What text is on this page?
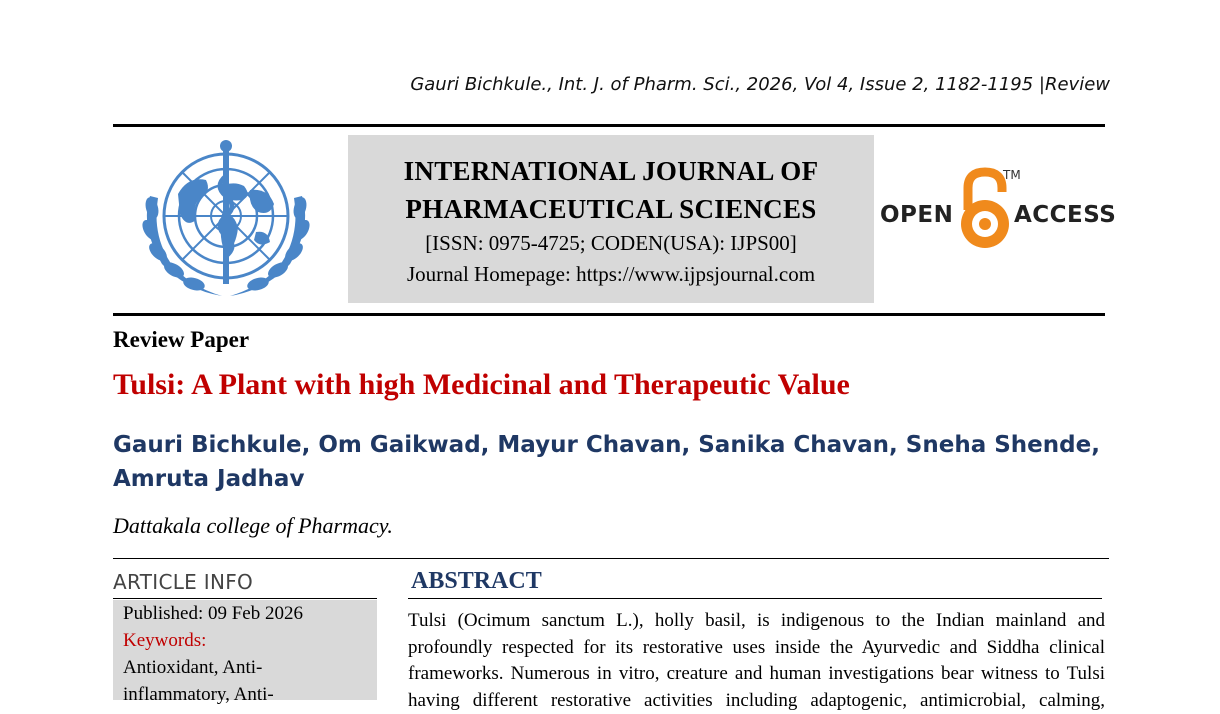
Gauri Bichkule., Int. J. of Pharm. Sci., 2026, Vol 4, Issue 2, 1182-1195 |Review
INTERNATIONAL JOURNAL OF
PHARMACEUTICAL SCIENCES
[ISSN: 0975-4725; CODEN(USA): IJPS00]
Journal Homepage: https://www.ijpsjournal.com
OPEN
TM
ACCESS
Review Paper
Tulsi: A Plant with high Medicinal and Therapeutic Value
Gauri Bichkule, Om Gaikwad, Mayur Chavan, Sanika Chavan, Sneha Shende,
Amruta Jadhav
Dattakala college of Pharmacy.
ARTICLE INFO
Published: 09 Feb 2026
Keywords:
Antioxidant, Anti-
inflammatory, Anti-
ABSTRACT
Tulsi (Ocimum sanctum L.), holly basil, is indigenous to the Indian mainland and
profoundly respected for its restorative uses inside the Ayurvedic and Siddha clinical
frameworks. Numerous in vitro, creature and human investigations bear witness to Tulsi
having different restorative activities including adaptogenic, antimicrobial, calming,
